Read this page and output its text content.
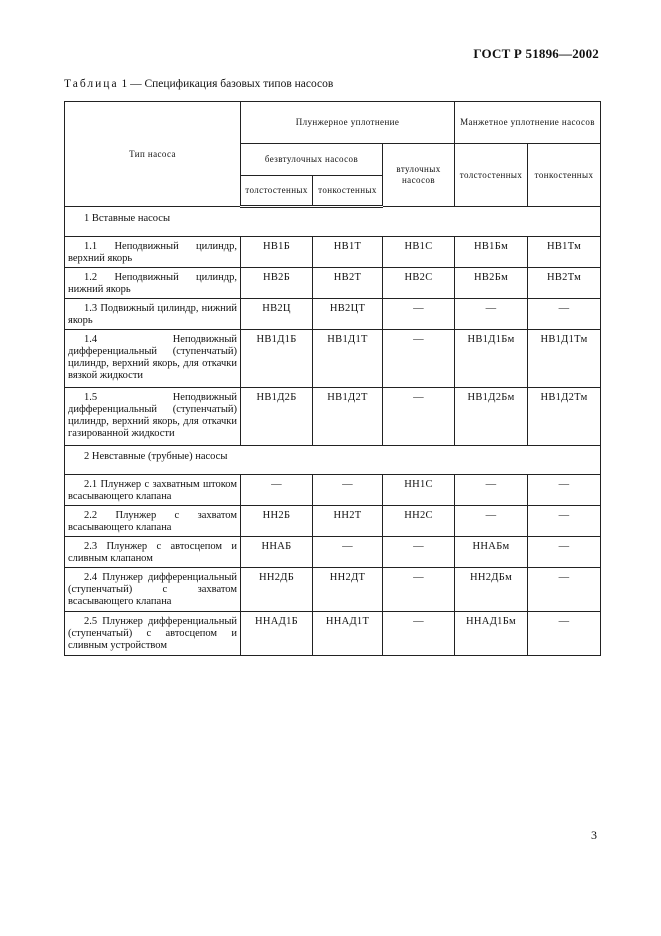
ГОСТ Р 51896—2002
Таблица 1 — Спецификация базовых типов насосов
Тип насоса	Плунжерное уплотнение			Манжетное уплотнение насосов	
	безвтулочных насосов		втулочных насосов	толстостенных	тонкостенных
	толстостенных	тонкостенных			
1 Вставные насосы					
1.1 Неподвижный цилиндр, верхний якорь	НВ1Б	НВ1Т	НВ1С	НВ1Бм	НВ1Тм
1.2 Неподвижный цилиндр, нижний якорь	НВ2Б	НВ2Т	НВ2С	НВ2Бм	НВ2Тм
1.3 Подвижный цилиндр, нижний якорь	НВ2Ц	НВ2ЦТ	—	—	—
1.4 Неподвижный дифференциальный (ступенчатый) цилиндр, верхний якорь, для откачки вязкой жидкости	НВ1Д1Б	НВ1Д1Т	—	НВ1Д1Бм	НВ1Д1Тм
1.5 Неподвижный дифференциальный (ступенчатый) цилиндр, верхний якорь, для откачки газированной жидкости	НВ1Д2Б	НВ1Д2Т	—	НВ1Д2Бм	НВ1Д2Тм
2 Невставные (трубные) насосы					
2.1 Плунжер с захватным штоком всасывающего клапана	—	—	НН1С	—	—
2.2 Плунжер с захватом всасывающего клапана	НН2Б	НН2Т	НН2С	—	—
2.3 Плунжер с автосцепом и сливным клапаном	ННАБ	—	—	ННАБм	—
2.4 Плунжер дифференциальный (ступенчатый) с захватом всасывающего клапана	НН2ДБ	НН2ДТ	—	НН2ДБм	—
2.5 Плунжер дифференциальный (ступенчатый) с автосцепом и сливным устройством	ННАД1Б	ННАД1Т	—	ННАД1Бм	—
3
